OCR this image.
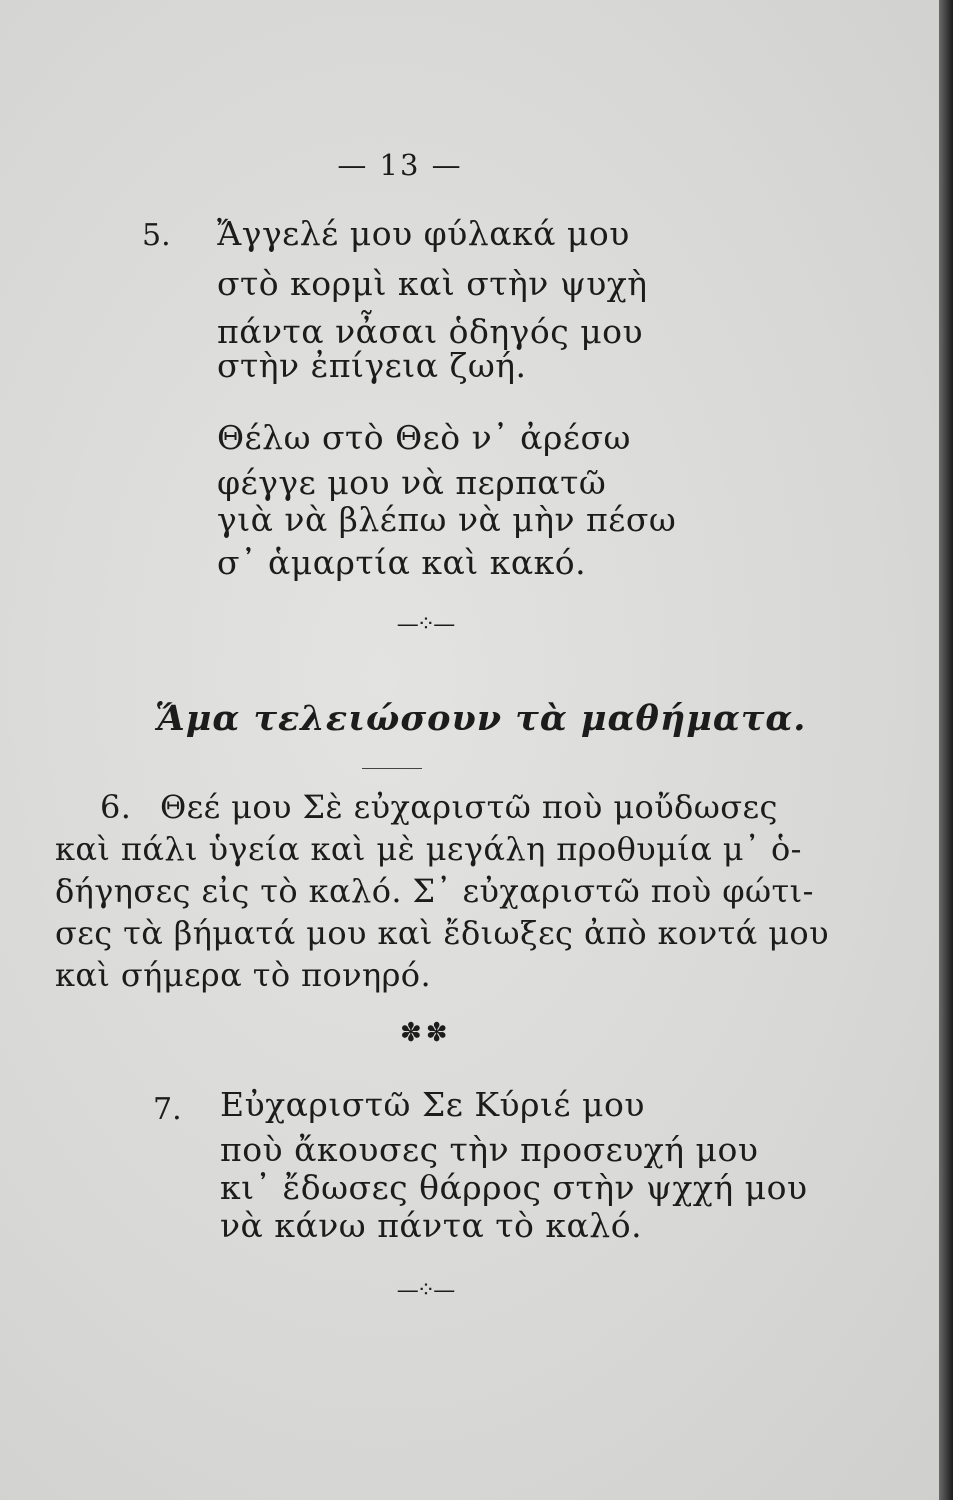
— 13 —
5. Ἄγγελέ μου φύλακά μου
στὸ κορμὶ καὶ στὴν ψυχὴ
πάντα νἆσαι ὁδηγός μου
στὴν ἐπίγεια ζωή.
Θέλω στὸ Θεὸ ν᾽ ἀρέσω
φέγγε μου νὰ περπατῶ
γιὰ νὰ βλέπω νὰ μὴν πέσω
σ᾽ ἁμαρτία καὶ κακό.
—⁘—
Ἅμα τελειώσουν τὰ μαθήματα.
6. Θεέ μου Σὲ εὐχαριστῶ ποὺ μοὔδωσες
καὶ πάλι ὑγεία καὶ μὲ μεγάλη προθυμία μ᾽ ὁ-
δήγησες εἰς τὸ καλό. Σ᾽ εὐχαριστῶ ποὺ φώτι-
σες τὰ βήματά μου καὶ ἔδιωξες ἀπὸ κοντά μου
καὶ σήμερα τὸ πονηρό.
✽✽
7. Εὐχαριστῶ Σε Κύριέ μου
ποὺ ἄκουσες τὴν προσευχή μου
κι᾽ ἔδωσες θάρρος στὴν ψχχή μου
νὰ κάνω πάντα τὸ καλό.
—⁘—
